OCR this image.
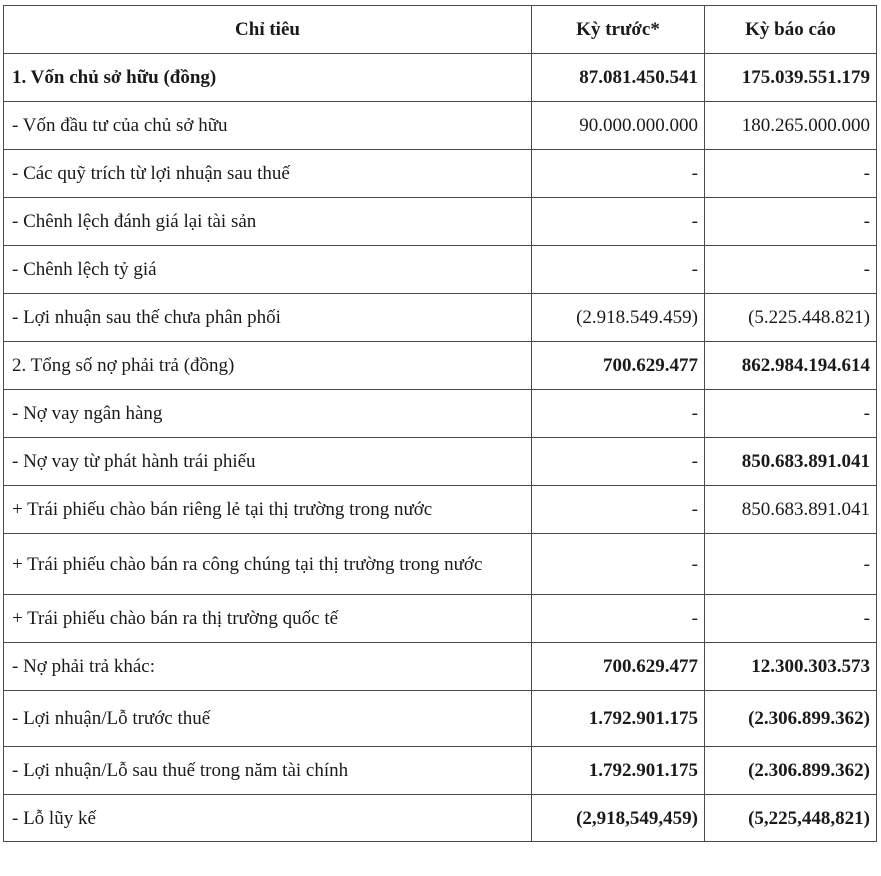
Chỉ tiêu	Kỳ trước*	Kỳ báo cáo
1. Vốn chủ sở hữu (đồng)	87.081.450.541	175.039.551.179
- Vốn đầu tư của chủ sở hữu	90.000.000.000	180.265.000.000
- Các quỹ trích từ lợi nhuận sau thuế	-	-
- Chênh lệch đánh giá lại tài sản	-	-
- Chênh lệch tỷ giá	-	-
- Lợi nhuận sau thế chưa phân phối	(2.918.549.459)	(5.225.448.821)
2. Tổng số nợ phải trả (đồng)	700.629.477	862.984.194.614
- Nợ vay ngân hàng	-	-
- Nợ vay từ phát hành trái phiếu	-	850.683.891.041
+ Trái phiếu chào bán riêng lẻ tại thị trường trong nước	-	850.683.891.041
+ Trái phiếu chào bán ra công chúng tại thị trường trong nước	-	-
+ Trái phiếu chào bán ra thị trường quốc tế	-	-
- Nợ phải trả khác:	700.629.477	12.300.303.573
- Lợi nhuận/Lỗ trước thuế	1.792.901.175	(2.306.899.362)
- Lợi nhuận/Lỗ sau thuế trong năm tài chính	1.792.901.175	(2.306.899.362)
- Lỗ lũy kế	(2,918,549,459)	(5,225,448,821)
